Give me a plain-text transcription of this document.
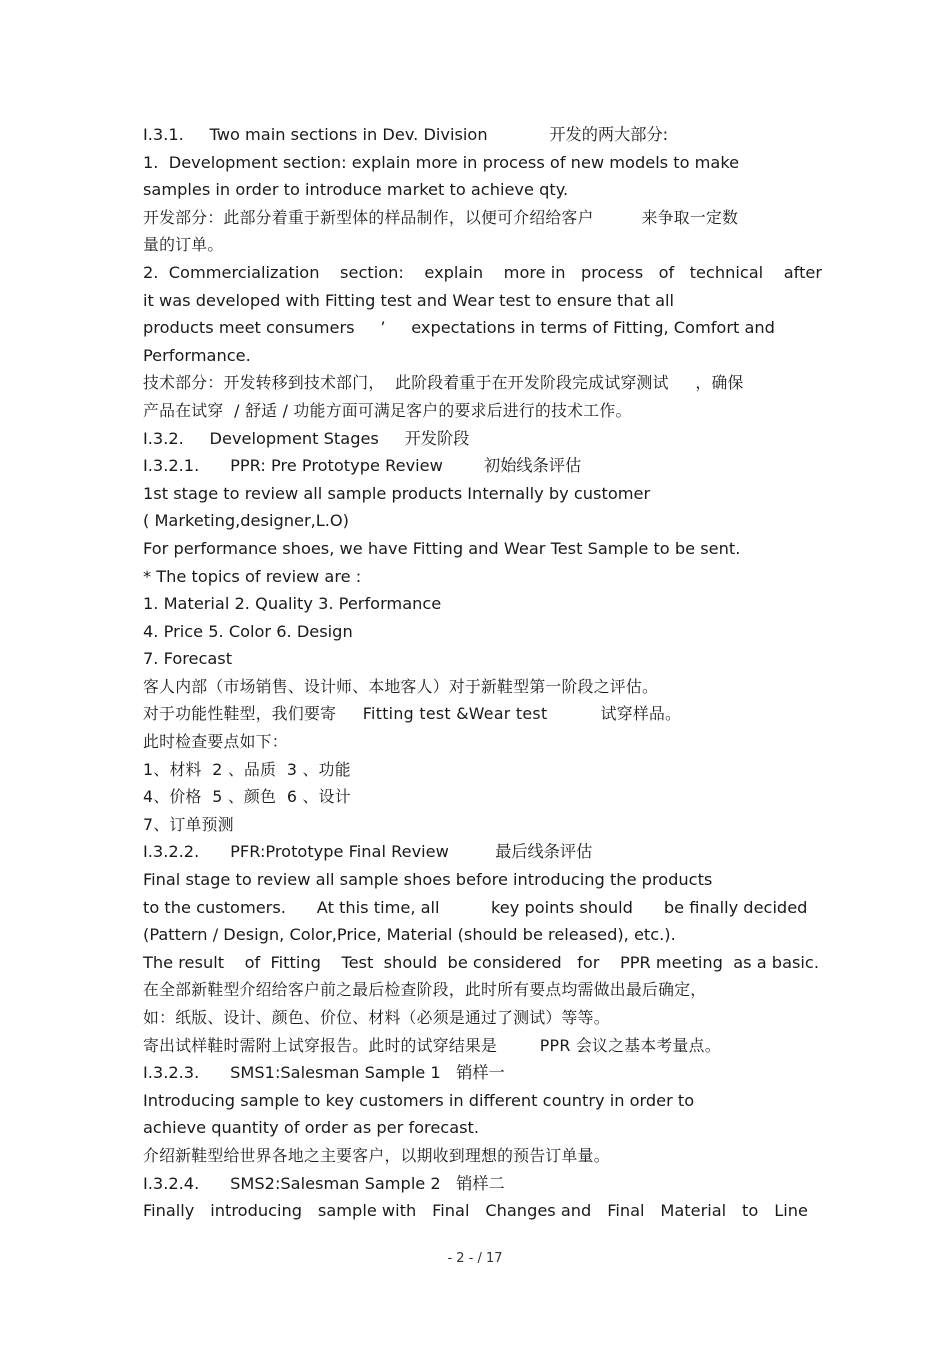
I.3.1.     Two main sections in Dev. Division            开发的两大部分:
1.  Development section: explain more in process of new models to make
samples in order to introduce market to achieve qty.
开发部分：此部分着重于新型体的样品制作，以便可介绍给客户         来争取一定数
量的订单。
2.  Commercialization    section:    explain    more in   process   of   technical    after
it was developed with Fitting test and Wear test to ensure that all
products meet consumers     ’     expectations in terms of Fitting, Comfort and
Performance.
技术部分：开发转移到技术部门，  此阶段着重于在开发阶段完成试穿测试     ，确保
产品在试穿  / 舒适 / 功能方面可满足客户的要求后进行的技术工作。
I.3.2.     Development Stages     开发阶段
I.3.2.1.      PPR: Pre Prototype Review        初始线条评估
1st stage to review all sample products Internally by customer
( Marketing,designer,L.O)
For performance shoes, we have Fitting and Wear Test Sample to be sent.
* The topics of review are :
1. Material 2. Quality 3. Performance
4. Price 5. Color 6. Design
7. Forecast
客人内部（市场销售、设计师、本地客人）对于新鞋型第一阶段之评估。
对于功能性鞋型，我们要寄     Fitting test &Wear test          试穿样品。
此时检查要点如下：
1、材料  2 、品质  3 、功能
4、价格  5 、颜色  6 、设计
7、订单预测
I.3.2.2.      PFR:Prototype Final Review         最后线条评估
Final stage to review all sample shoes before introducing the products
to the customers.      At this time, all          key points should      be finally decided
(Pattern / Design, Color,Price, Material (should be released), etc.).
The result    of  Fitting    Test  should  be considered   for    PPR meeting  as a basic.
在全部新鞋型介绍给客户前之最后检查阶段，此时所有要点均需做出最后确定，
如：纸版、设计、颜色、价位、材料（必须是通过了测试）等等。
寄出试样鞋时需附上试穿报告。此时的试穿结果是        PPR 会议之基本考量点。
I.3.2.3.      SMS1:Salesman Sample 1   销样一
Introducing sample to key customers in different country in order to
achieve quantity of order as per forecast.
介绍新鞋型给世界各地之主要客户，以期收到理想的预告订单量。
I.3.2.4.      SMS2:Salesman Sample 2   销样二
Finally introducing sample with Final Changes and Final Material to Line
- 2 - / 17
